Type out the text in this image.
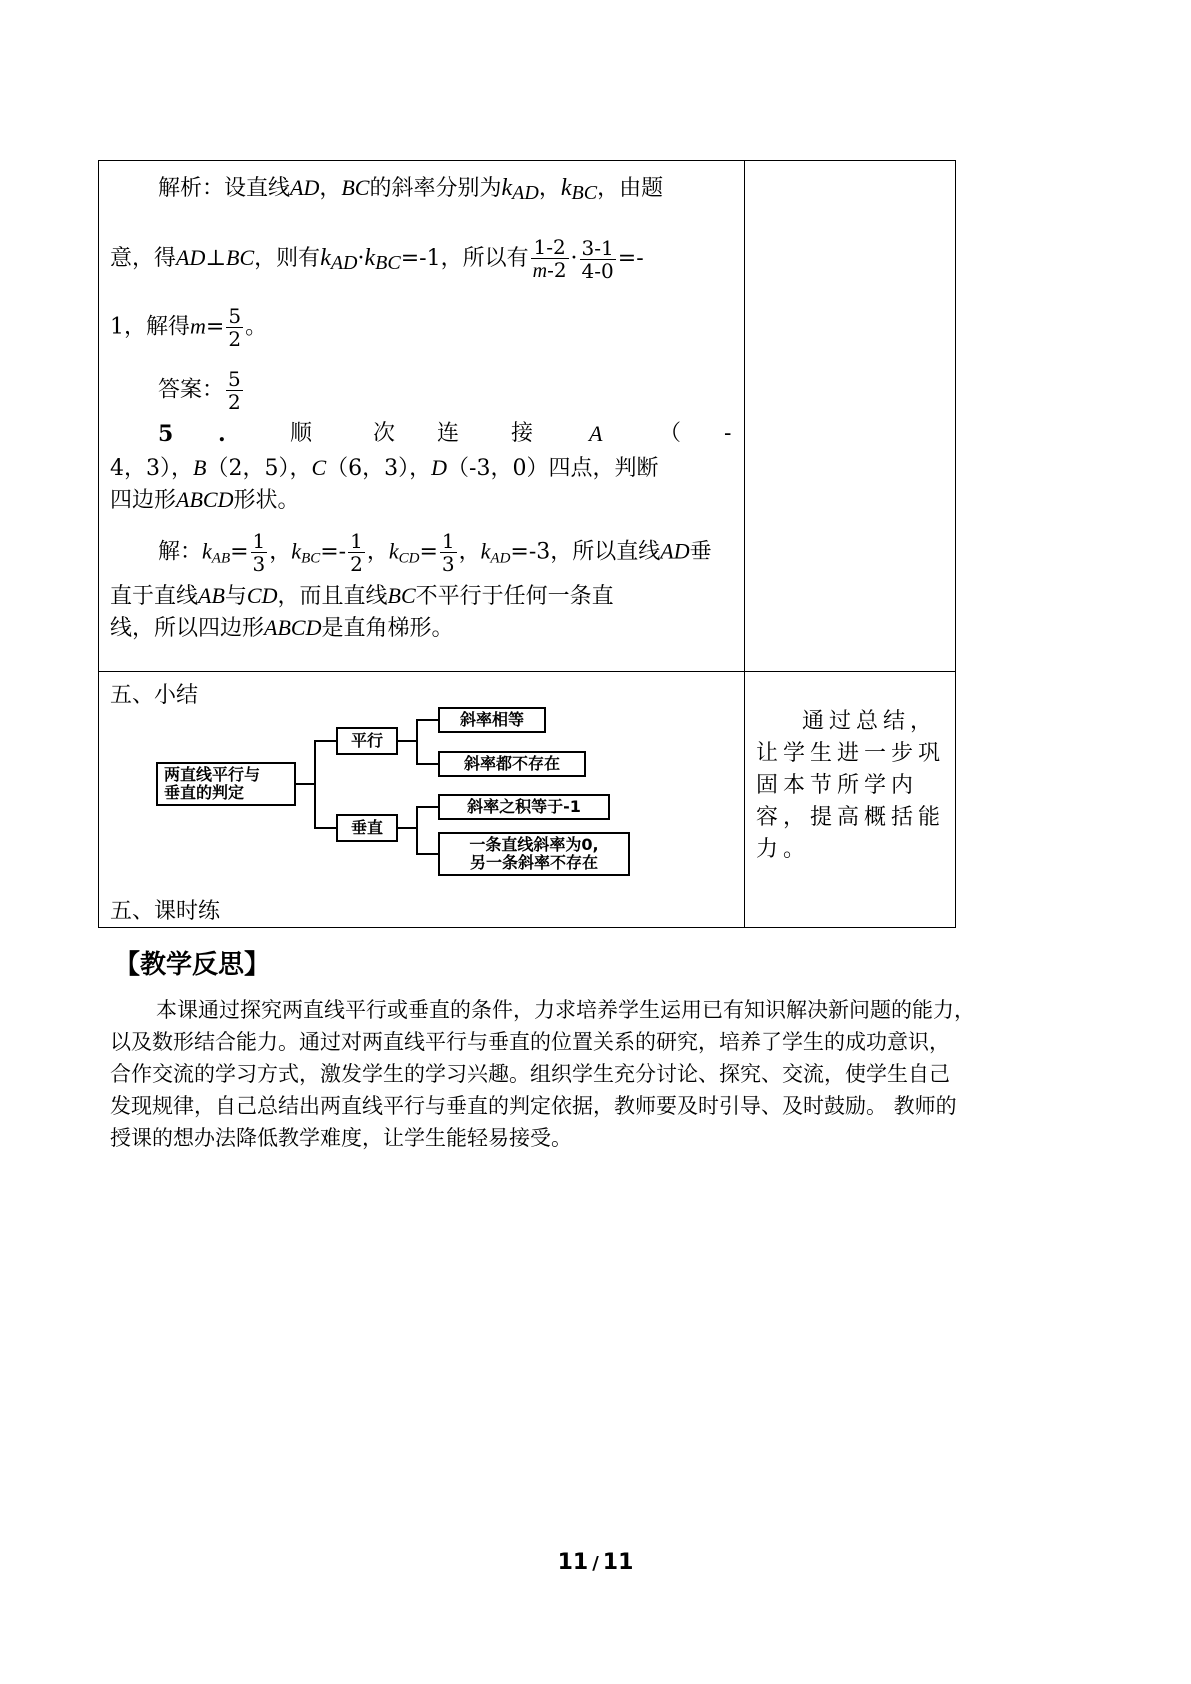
解析：设直线AD，BC的斜率分别为kAD，kBC，由题
意，得AD⊥BC，则有kAD·kBC=-1，所以有 $\frac{1-2}{m-2} \cdot \frac{3-1}{4-0}$ =-
1，解得$m= \frac{5}{2}$ 。
答案： $\frac{5}{2}$
5 .	顺	次 连 接	A	（ -
4，3），B（2，5），C（6，3），D（-3，0）四点，判断
四边形ABCD形状。
解：$k_{AB}= \frac{1}{3}$ ，$k_{BC}=- \frac{1}{2}$ ，$k_{CD}= \frac{1}{3}$ ，$k_{AD}=-3$，所以直线AD垂
直于直线AB与CD，而且直线BC不平行于任何一条直
线，所以四边形ABCD是直角梯形。
五、小结
两直线平行与
垂直的判定
平行
垂直
斜率相等
斜率都不存在
斜率之积等于-1
一条直线斜率为0,
另一条斜率不存在
通过总结，
让学生进一步巩
固本节所学内
容，提高概括能
力。
五、课时练
【教学反思】
本课通过探究两直线平行或垂直的条件，力求培养学生运用已有知识解决新问题的能力，
以及数形结合能力。通过对两直线平行与垂直的位置关系的研究，培养了学生的成功意识，
合作交流的学习方式，激发学生的学习兴趣。组织学生充分讨论、探究、交流，使学生自己
发现规律，自己总结出两直线平行与垂直的判定依据，教师要及时引导、及时鼓励。 教师的
授课的想办法降低教学难度，让学生能轻易接受。
11 / 11
